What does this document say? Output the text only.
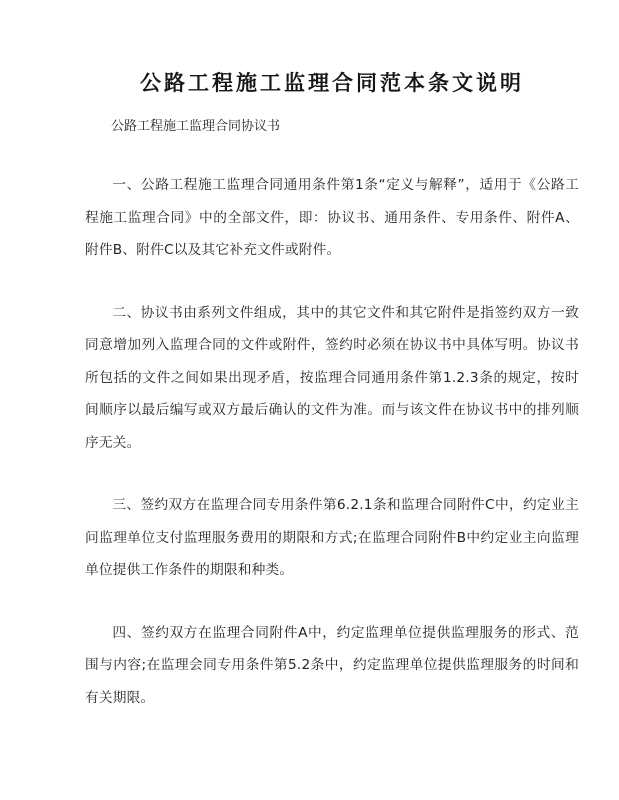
公路工程施工监理合同范本条文说明

公路工程施工监理合同协议书

一、公路工程施工监理合同通用条件第1条“定义与解释”，适用于《公路工程施工监理合同》中的全部文件，即：协议书、通用条件、专用条件、附件A、附件B、附件C以及其它补充文件或附件。

二、协议书由系列文件组成，其中的其它文件和其它附件是指签约双方一致同意增加列入监理合同的文件或附件，签约时必须在协议书中具体写明。协议书所包括的文件之间如果出现矛盾，按监理合同通用条件第1.2.3条的规定，按时间顺序以最后编写或双方最后确认的文件为准。而与该文件在协议书中的排列顺序无关。

三、签约双方在监理合同专用条件第6.2.1条和监理合同附件C中，约定业主问监理单位支付监理服务费用的期限和方式;在监理合同附件B中约定业主向监理单位提供工作条件的期限和种类。

四、签约双方在监理合同附件A中，约定监理单位提供监理服务的形式、范围与内容;在监理会同专用条件第5.2条中，约定监理单位提供监理服务的时间和有关期限。
